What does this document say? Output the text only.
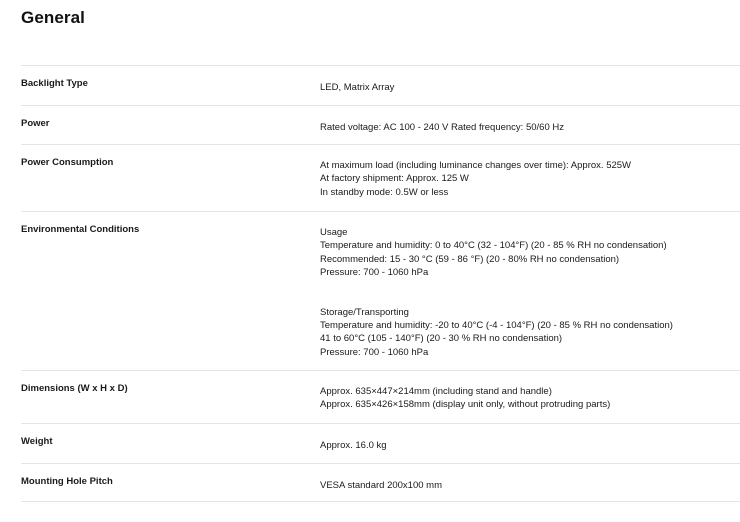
General
Backlight Type	LED, Matrix Array
Power	Rated voltage: AC 100 - 240 V Rated frequency: 50/60 Hz
Power Consumption	At maximum load (including luminance changes over time): Approx. 525W
At factory shipment: Approx. 125 W
In standby mode: 0.5W or less
Environmental Conditions	Usage
Temperature and humidity: 0 to 40°C (32 - 104°F) (20 - 85 % RH no condensation)
Recommended: 15 - 30 °C (59 - 86 °F) (20 - 80% RH no condensation)
Pressure: 700 - 1060 hPa
Storage/Transporting
Temperature and humidity: -20 to 40°C (-4 - 104°F) (20 - 85 % RH no condensation)
41 to 60°C (105 - 140°F) (20 - 30 % RH no condensation)
Pressure: 700 - 1060 hPa
Dimensions (W x H x D)	Approx. 635×447×214mm (including stand and handle)
Approx. 635×426×158mm (display unit only, without protruding parts)
Weight	Approx. 16.0 kg
Mounting Hole Pitch	VESA standard 200x100 mm
